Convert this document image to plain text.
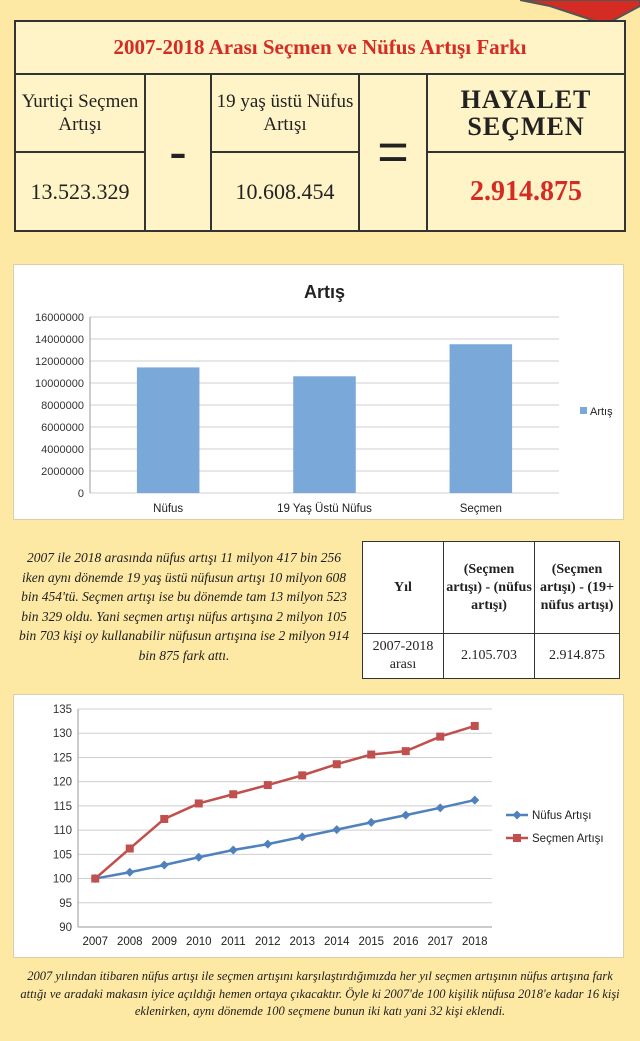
2007-2018 Arası Seçmen ve Nüfus Artışı Farkı				
Yurtiçi Seçmen Artışı	-	19 yaş üstü Nüfus Artışı	=	HAYALET
SEÇMEN

13.523.329		10.608.454		2.914.875
Artış
0
2000000
4000000
6000000
8000000
10000000
12000000
14000000
16000000
Nüfus	19 Yaş Üstü Nüfus	Seçmen
Artış
2007 ile 2018 arasında nüfus artışı 11 milyon 417 bin 256 iken aynı dönemde 19 yaş üstü nüfusun artışı 10 milyon 608 bin 454'tü. Seçmen artışı ise bu dönemde tam 13 milyon 523 bin 329 oldu. Yani seçmen artışı nüfus artışına 2 milyon 105 bin 703 kişi oy kullanabilir nüfusun artışına ise 2 milyon 914 bin 875 fark attı.
Yıl	(Seçmen artışı) - (nüfus artışı)	(Seçmen artışı) - (19+ nüfus artışı)
2007-2018 arası	2.105.703	2.914.875
90
95
100
105
110
115
120
125
130
135
2007 2008 2009 2010 2011 2012 2013 2014 2015 2016 2017 2018
Nüfus Artışı
Seçmen Artışı
2007 yılından itibaren nüfus artışı ile seçmen artışını karşılaştırdığımızda her yıl seçmen artışının nüfus artışına fark attığı ve aradaki makasın iyice açıldığı hemen ortaya çıkacaktır. Öyle ki 2007'de 100 kişilik nüfusa 2018'e kadar 16 kişi eklenirken, aynı dönemde 100 seçmene bunun iki katı yani 32 kişi eklendi.
